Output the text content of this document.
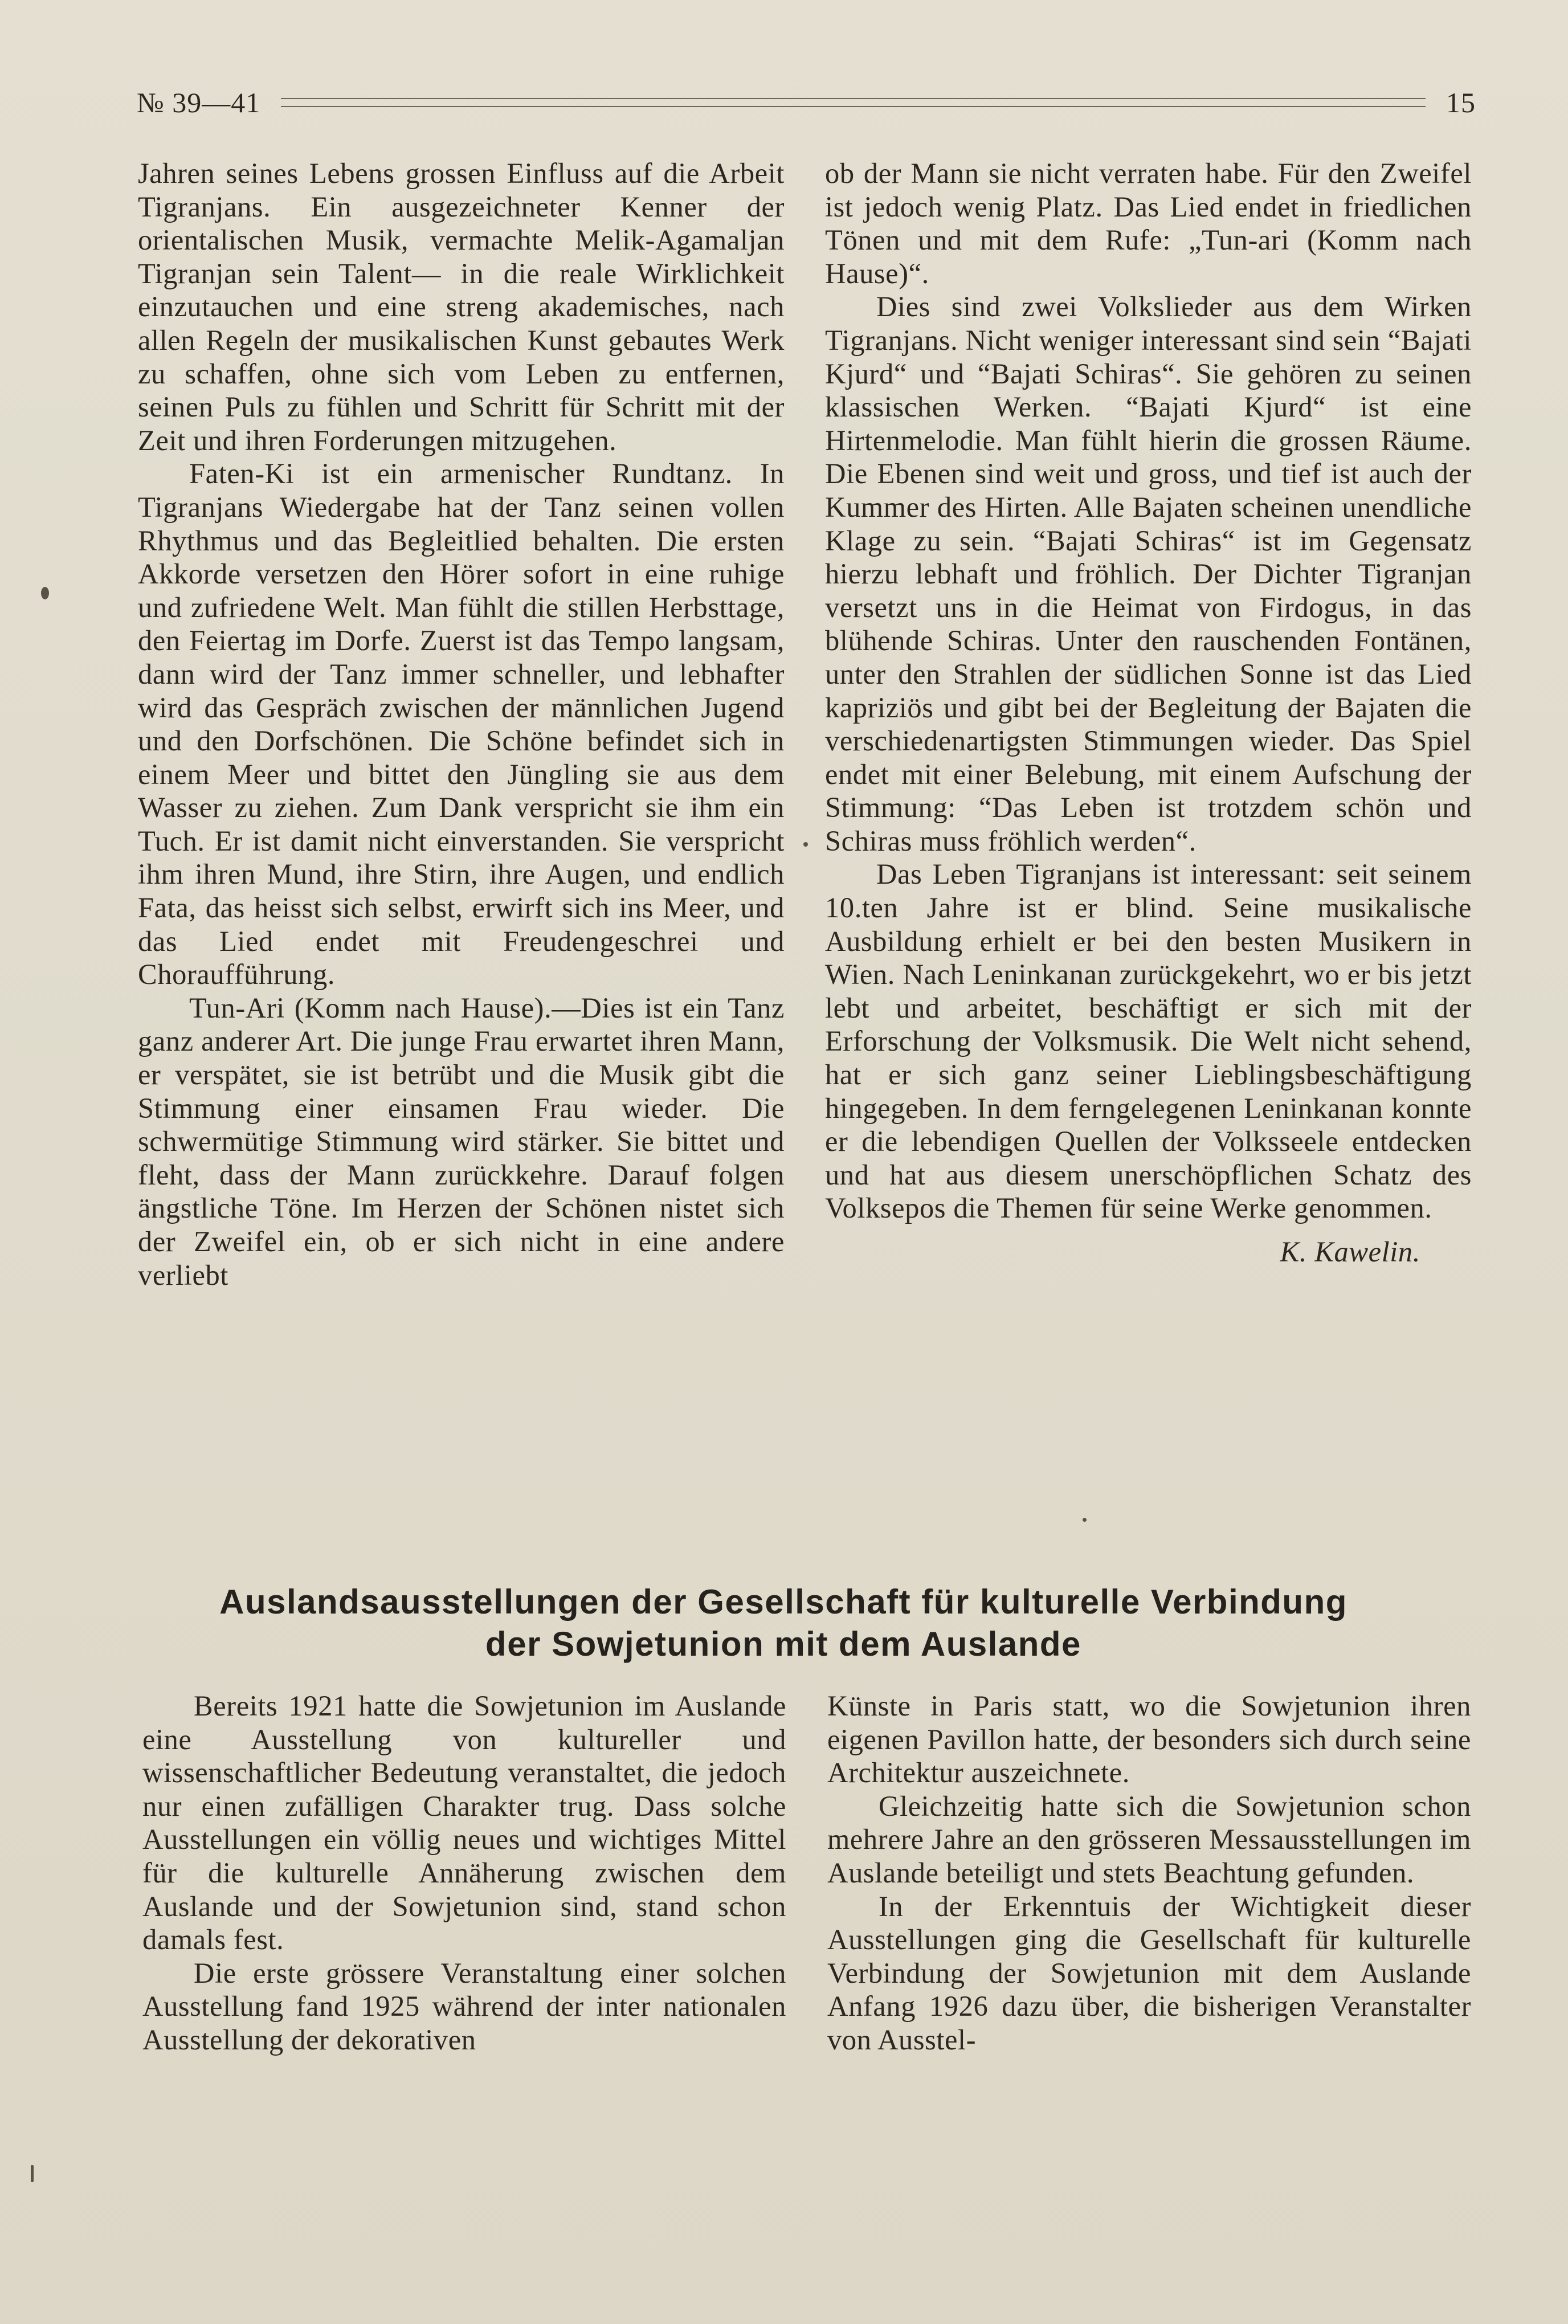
№ 39—41	15

Jahren seines Lebens grossen Einfluss auf die Arbeit Tigranjans. Ein ausgezeichneter Kenner der orientalischen Musik, vermachte Melik-Agamaljan Tigranjan sein Talent— in die reale Wirklichkeit einzutauchen und eine streng akademisches, nach allen Regeln der musikalischen Kunst gebautes Werk zu schaffen, ohne sich vom Leben zu entfernen, seinen Puls zu fühlen und Schritt für Schritt mit der Zeit und ihren Forderungen mitzugehen.

Faten-Ki ist ein armenischer Rundtanz. In Tigranjans Wiedergabe hat der Tanz seinen vollen Rhythmus und das Begleitlied behalten. Die ersten Akkorde versetzen den Hörer sofort in eine ruhige und zufriedene Welt. Man fühlt die stillen Herbsttage, den Feiertag im Dorfe. Zuerst ist das Tempo langsam, dann wird der Tanz immer schneller, und lebhafter wird das Gespräch zwischen der männlichen Jugend und den Dorfschönen. Die Schöne befindet sich in einem Meer und bittet den Jüngling sie aus dem Wasser zu ziehen. Zum Dank verspricht sie ihm ein Tuch. Er ist damit nicht einverstanden. Sie verspricht ihm ihren Mund, ihre Stirn, ihre Augen, und endlich Fata, das heisst sich selbst, erwirft sich ins Meer, und das Lied endet mit Freudengeschrei und Choraufführung.

Tun-Ari (Komm nach Hause).—Dies ist ein Tanz ganz anderer Art. Die junge Frau erwartet ihren Mann, er verspätet, sie ist betrübt und die Musik gibt die Stimmung einer einsamen Frau wieder. Die schwermütige Stimmung wird stärker. Sie bittet und fleht, dass der Mann zurückkehre. Darauf folgen ängstliche Töne. Im Herzen der Schönen nistet sich der Zweifel ein, ob er sich nicht in eine andere verliebt

ob der Mann sie nicht verraten habe. Für den Zweifel ist jedoch wenig Platz. Das Lied endet in friedlichen Tönen und mit dem Rufe: „Tun-ari (Komm nach Hause)“.

Dies sind zwei Volkslieder aus dem Wirken Tigranjans. Nicht weniger interessant sind sein “Bajati Kjurd“ und “Bajati Schiras“. Sie gehören zu seinen klassischen Werken. “Bajati Kjurd“ ist eine Hirtenmelodie. Man fühlt hierin die grossen Räume. Die Ebenen sind weit und gross, und tief ist auch der Kummer des Hirten. Alle Bajaten scheinen unendliche Klage zu sein. “Bajati Schiras“ ist im Gegensatz hierzu lebhaft und fröhlich. Der Dichter Tigranjan versetzt uns in die Heimat von Firdogus, in das blühende Schiras. Unter den rauschenden Fontänen, unter den Strahlen der südlichen Sonne ist das Lied kapriziös und gibt bei der Begleitung der Bajaten die verschiedenartigsten Stimmungen wieder. Das Spiel endet mit einer Belebung, mit einem Aufschung der Stimmung: “Das Leben ist trotzdem schön und Schiras muss fröhlich werden“.

Das Leben Tigranjans ist interessant: seit seinem 10.ten Jahre ist er blind. Seine musikalische Ausbildung erhielt er bei den besten Musikern in Wien. Nach Leninkanan zurückgekehrt, wo er bis jetzt lebt und arbeitet, beschäftigt er sich mit der Erforschung der Volksmusik. Die Welt nicht sehend, hat er sich ganz seiner Lieblingsbeschäftigung hingegeben. In dem ferngelegenen Leninkanan konnte er die lebendigen Quellen der Volksseele entdecken und hat aus diesem unerschöpflichen Schatz des Volksepos die Themen für seine Werke genommen.

K. Kawelin.

Auslandsausstellungen der Gesellschaft für kulturelle Verbindung
der Sowjetunion mit dem Auslande

Bereits 1921 hatte die Sowjetunion im Auslande eine Ausstellung von kultureller und wissenschaftlicher Bedeutung veranstaltet, die jedoch nur einen zufälligen Charakter trug. Dass solche Ausstellungen ein völlig neues und wichtiges Mittel für die kulturelle Annäherung zwischen dem Auslande und der Sowjetunion sind, stand schon damals fest.

Die erste grössere Veranstaltung einer solchen Ausstellung fand 1925 während der inter nationalen Ausstellung der dekorativen

Künste in Paris statt, wo die Sowjetunion ihren eigenen Pavillon hatte, der besonders sich durch seine Architektur auszeichnete.

Gleichzeitig hatte sich die Sowjetunion schon mehrere Jahre an den grösseren Messausstellungen im Auslande beteiligt und stets Beachtung gefunden.

In der Erkenntuis der Wichtigkeit dieser Ausstellungen ging die Gesellschaft für kulturelle Verbindung der Sowjetunion mit dem Auslande Anfang 1926 dazu über, die bisherigen Veranstalter von Ausstel-
